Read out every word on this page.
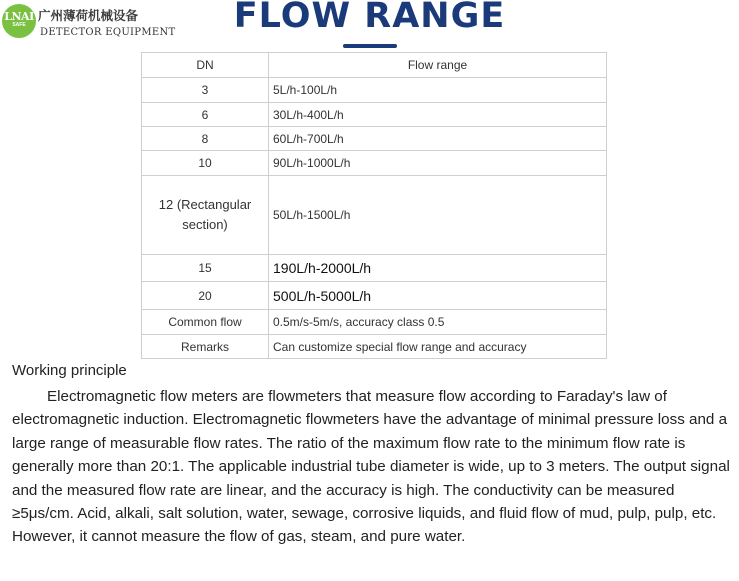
LNAI
SAFE
广州薄荷机械设备
DETECTOR EQUIPMENT	FLOW RANGE
DN	Flow range
3	5L/h-100L/h
6	30L/h-400L/h
8	60L/h-700L/h
10	90L/h-1000L/h
12 (Rectangular section)	50L/h-1500L/h
15	190L/h-2000L/h
20	500L/h-5000L/h
Common flow	0.5m/s-5m/s, accuracy class 0.5
Remarks	Can customize special flow range and accuracy
Working principle

Electromagnetic flow meters are flowmeters that measure flow according to Faraday's law of electromagnetic induction. Electromagnetic flowmeters have the advantage of minimal pressure loss and a large range of measurable flow rates. The ratio of the maximum flow rate to the minimum flow rate is generally more than 20:1. The applicable industrial tube diameter is wide, up to 3 meters. The output signal and the measured flow rate are linear, and the accuracy is high. The conductivity can be measured ≥5μs/cm. Acid, alkali, salt solution, water, sewage, corrosive liquids, and fluid flow of mud, pulp, pulp, etc. However, it cannot measure the flow of gas, steam, and pure water.
